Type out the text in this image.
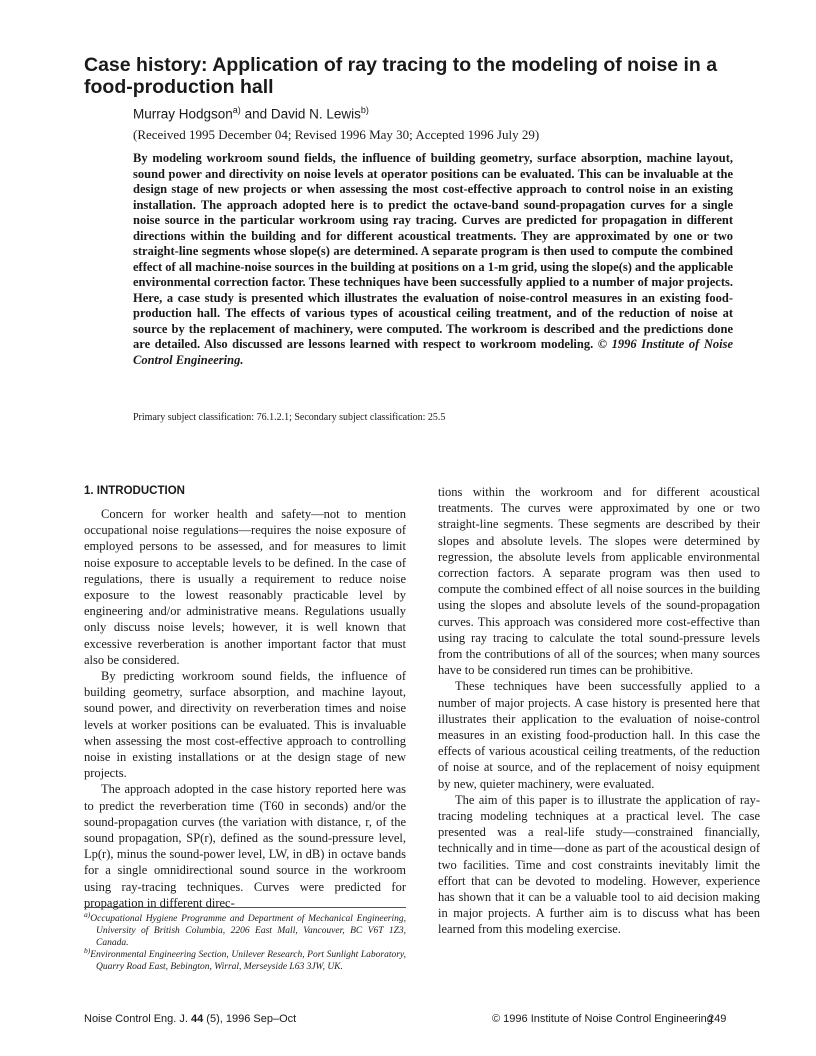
Case history: Application of ray tracing to the modeling of noise in a food-production hall
Murray Hodgson$^{a)}$ and David N. Lewis$^{b)}$
(Received 1995 December 04; Revised 1996 May 30; Accepted 1996 July 29)

By modeling workroom sound fields, the influence of building geometry, surface absorption, machine layout, sound power and directivity on noise levels at operator positions can be evaluated. This can be invaluable at the design stage of new projects or when assessing the most cost-effective approach to control noise in an existing installation. The approach adopted here is to predict the octave-band sound-propagation curves for a single noise source in the particular workroom using ray tracing. Curves are predicted for propagation in different directions within the building and for different acoustical treatments. They are approximated by one or two straight-line segments whose slope(s) are determined. A separate program is then used to compute the combined effect of all machine-noise sources in the building at positions on a 1-m grid, using the slope(s) and the applicable environmental correction factor. These techniques have been successfully applied to a number of major projects. Here, a case study is presented which illustrates the evaluation of noise-control measures in an existing food-production hall. The effects of various types of acoustical ceiling treatment, and of the reduction of noise at source by the replacement of machinery, were computed. The workroom is described and the predictions done are detailed. Also discussed are lessons learned with respect to workroom modeling. © 1996 Institute of Noise Control Engineering.

Primary subject classification: 76.1.2.1; Secondary subject classification: 25.5
1. INTRODUCTION

Concern for worker health and safety—not to mention occupational noise regulations—requires the noise exposure of employed persons to be assessed, and for measures to limit noise exposure to acceptable levels to be defined. In the case of regulations, there is usually a requirement to reduce noise exposure to the lowest reasonably practicable level by engineering and/or administrative means. Regulations usually only discuss noise levels; however, it is well known that excessive reverberation is another important factor that must also be considered.

By predicting workroom sound fields, the influence of building geometry, surface absorption, and machine layout, sound power, and directivity on reverberation times and noise levels at worker positions can be evaluated. This is invaluable when assessing the most cost-effective approach to controlling noise in existing installations or at the design stage of new projects.

The approach adopted in the case history reported here was to predict the reverberation time (T60 in seconds) and/or the sound-propagation curves (the variation with distance, r, of the sound propagation, SP(r), defined as the sound-pressure level, Lp(r), minus the sound-power level, LW, in dB) in octave bands for a single omnidirectional sound source in the workroom using ray-tracing techniques. Curves were predicted for propagation in different direc-

tions within the workroom and for different acoustical treatments. The curves were approximated by one or two straight-line segments. These segments are described by their slopes and absolute levels. The slopes were determined by regression, the absolute levels from applicable environmental correction factors. A separate program was then used to compute the combined effect of all noise sources in the building using the slopes and absolute levels of the sound-propagation curves. This approach was considered more cost-effective than using ray tracing to calculate the total sound-pressure levels from the contributions of all of the sources; when many sources have to be considered run times can be prohibitive.

These techniques have been successfully applied to a number of major projects. A case history is presented here that illustrates their application to the evaluation of noise-control measures in an existing food-production hall. In this case the effects of various acoustical ceiling treatments, of the reduction of noise at source, and of the replacement of noisy equipment by new, quieter machinery, were evaluated.

The aim of this paper is to illustrate the application of ray-tracing modeling techniques at a practical level. The case presented was a real-life study—constrained financially, technically and in time—done as part of the acoustical design of two facilities. Time and cost constraints inevitably limit the effort that can be devoted to modeling. However, experience has shown that it can be a valuable tool to aid decision making in major projects. A further aim is to discuss what has been learned from this modeling exercise.

$^{a)}$Occupational Hygiene Programme and Department of Mechanical Engineering, University of British Columbia, 2206 East Mall, Vancouver, BC V6T 1Z3, Canada.

$^{b)}$Environmental Engineering Section, Unilever Research, Port Sunlight Laboratory, Quarry Road East, Bebington, Wirral, Merseyside L63 3JW, UK.

Noise Control Eng. J. 44 (5), 1996 Sep–Oct	© 1996 Institute of Noise Control Engineering
249
